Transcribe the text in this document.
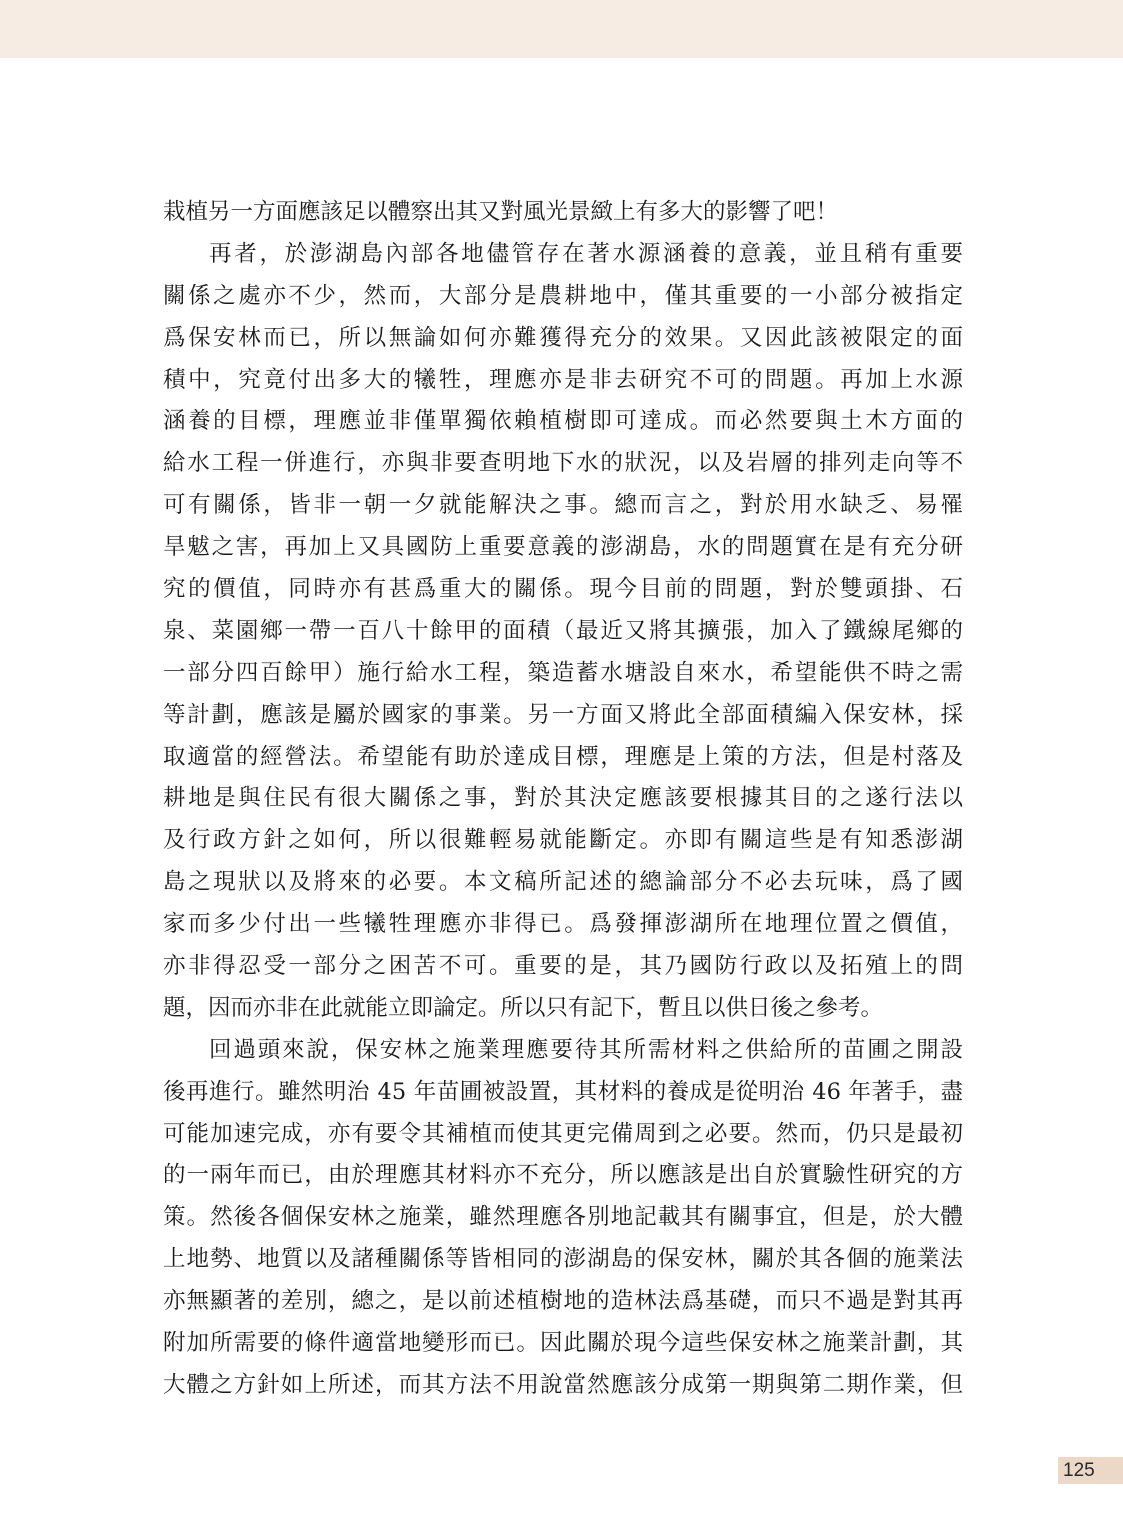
栽植另一方面應該足以體察出其又對風光景緻上有多大的影響了吧！
再者，於澎湖島內部各地儘管存在著水源涵養的意義，並且稍有重要
關係之處亦不少，然而，大部分是農耕地中，僅其重要的一小部分被指定
爲保安林而已，所以無論如何亦難獲得充分的效果。又因此該被限定的面
積中，究竟付出多大的犧牲，理應亦是非去研究不可的問題。再加上水源
涵養的目標，理應並非僅單獨依賴植樹即可達成。而必然要與土木方面的
給水工程一併進行，亦與非要查明地下水的狀況，以及岩層的排列走向等不
可有關係，皆非一朝一夕就能解決之事。總而言之，對於用水缺乏、易罹
旱魃之害，再加上又具國防上重要意義的澎湖島，水的問題實在是有充分研
究的價值，同時亦有甚爲重大的關係。現今目前的問題，對於雙頭掛、石
泉、菜園鄉一帶一百八十餘甲的面積（最近又將其擴張，加入了鐵線尾鄉的
一部分四百餘甲）施行給水工程，築造蓄水塘設自來水，希望能供不時之需
等計劃，應該是屬於國家的事業。另一方面又將此全部面積編入保安林，採
取適當的經營法。希望能有助於達成目標，理應是上策的方法，但是村落及
耕地是與住民有很大關係之事，對於其決定應該要根據其目的之遂行法以
及行政方針之如何，所以很難輕易就能斷定。亦即有關這些是有知悉澎湖
島之現狀以及將來的必要。本文稿所記述的總論部分不必去玩味，爲了國
家而多少付出一些犧牲理應亦非得已。爲發揮澎湖所在地理位置之價值，
亦非得忍受一部分之困苦不可。重要的是，其乃國防行政以及拓殖上的問
題，因而亦非在此就能立即論定。所以只有記下，暫且以供日後之參考。
回過頭來說，保安林之施業理應要待其所需材料之供給所的苗圃之開設
後再進行。雖然明治 45 年苗圃被設置，其材料的養成是從明治 46 年著手，盡
可能加速完成，亦有要令其補植而使其更完備周到之必要。然而，仍只是最初
的一兩年而已，由於理應其材料亦不充分，所以應該是出自於實驗性研究的方
策。然後各個保安林之施業，雖然理應各別地記載其有關事宜，但是，於大體
上地勢、地質以及諸種關係等皆相同的澎湖島的保安林，關於其各個的施業法
亦無顯著的差別，總之，是以前述植樹地的造林法爲基礎，而只不過是對其再
附加所需要的條件適當地變形而已。因此關於現今這些保安林之施業計劃，其
大體之方針如上所述，而其方法不用說當然應該分成第一期與第二期作業，但
125
